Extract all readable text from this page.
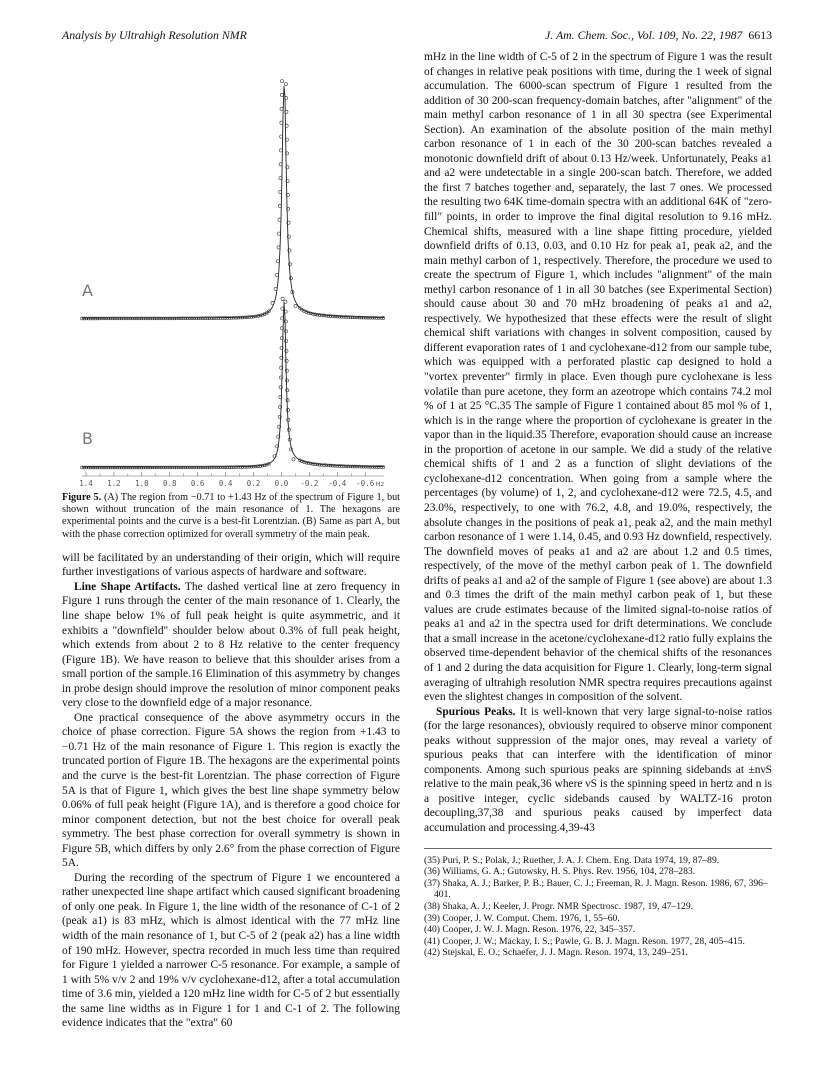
Analysis by Ultrahigh Resolution NMR	J. Am. Chem. Soc., Vol. 109, No. 22, 1987 6613
1.4 1.2 1.0 0.8 0.6 0.4 0.2 0.0 -0.2 -0.4 -0.6 Hz
A
B
Figure 5. (A) The region from −0.71 to +1.43 Hz of the spectrum of Figure 1, but shown without truncation of the main resonance of 1. The hexagons are experimental points and the curve is a best-fit Lorentzian. (B) Same as part A, but with the phase correction optimized for overall symmetry of the main peak.

will be facilitated by an understanding of their origin, which will require further investigations of various aspects of hardware and software.

Line Shape Artifacts. The dashed vertical line at zero frequency in Figure 1 runs through the center of the main resonance of 1. Clearly, the line shape below 1% of full peak height is quite asymmetric, and it exhibits a "downfield" shoulder below about 0.3% of full peak height, which extends from about 2 to 8 Hz relative to the center frequency (Figure 1B). We have reason to believe that this shoulder arises from a small portion of the sample.16 Elimination of this asymmetry by changes in probe design should improve the resolution of minor component peaks very close to the downfield edge of a major resonance.

One practical consequence of the above asymmetry occurs in the choice of phase correction. Figure 5A shows the region from +1.43 to −0.71 Hz of the main resonance of Figure 1. This region is exactly the truncated portion of Figure 1B. The hexagons are the experimental points and the curve is the best-fit Lorentzian. The phase correction of Figure 5A is that of Figure 1, which gives the best line shape symmetry below 0.06% of full peak height (Figure 1A), and is therefore a good choice for minor component detection, but not the best choice for overall peak symmetry. The best phase correction for overall symmetry is shown in Figure 5B, which differs by only 2.6° from the phase correction of Figure 5A.

During the recording of the spectrum of Figure 1 we encountered a rather unexpected line shape artifact which caused significant broadening of only one peak. In Figure 1, the line width of the resonance of C-1 of 2 (peak a1) is 83 mHz, which is almost identical with the 77 mHz line width of the main resonance of 1, but C-5 of 2 (peak a2) has a line width of 190 mHz. However, spectra recorded in much less time than required for Figure 1 yielded a narrower C-5 resonance. For example, a sample of 1 with 5% v/v 2 and 19% v/v cyclohexane-d12, after a total accumulation time of 3.6 min, yielded a 120 mHz line width for C-5 of 2 but essentially the same line widths as in Figure 1 for 1 and C-1 of 2. The following evidence indicates that the "extra" 60

mHz in the line width of C-5 of 2 in the spectrum of Figure 1 was the result of changes in relative peak positions with time, during the 1 week of signal accumulation. The 6000-scan spectrum of Figure 1 resulted from the addition of 30 200-scan frequency-domain batches, after "alignment" of the main methyl carbon resonance of 1 in all 30 spectra (see Experimental Section). An examination of the absolute position of the main methyl carbon resonance of 1 in each of the 30 200-scan batches revealed a monotonic downfield drift of about 0.13 Hz/week. Unfortunately, Peaks a1 and a2 were undetectable in a single 200-scan batch. Therefore, we added the first 7 batches together and, separately, the last 7 ones. We processed the resulting two 64K time-domain spectra with an additional 64K of "zero-fill" points, in order to improve the final digital resolution to 9.16 mHz. Chemical shifts, measured with a line shape fitting procedure, yielded downfield drifts of 0.13, 0.03, and 0.10 Hz for peak a1, peak a2, and the main methyl carbon of 1, respectively. Therefore, the procedure we used to create the spectrum of Figure 1, which includes "alignment" of the main methyl carbon resonance of 1 in all 30 batches (see Experimental Section) should cause about 30 and 70 mHz broadening of peaks a1 and a2, respectively. We hypothesized that these effects were the result of slight chemical shift variations with changes in solvent composition, caused by different evaporation rates of 1 and cyclohexane-d12 from our sample tube, which was equipped with a perforated plastic cap designed to hold a "vortex preventer" firmly in place. Even though pure cyclohexane is less volatile than pure acetone, they form an azeotrope which contains 74.2 mol % of 1 at 25 °C.35 The sample of Figure 1 contained about 85 mol % of 1, which is in the range where the proportion of cyclohexane is greater in the vapor than in the liquid.35 Therefore, evaporation should cause an increase in the proportion of acetone in our sample. We did a study of the relative chemical shifts of 1 and 2 as a function of slight deviations of the cyclohexane-d12 concentration. When going from a sample where the percentages (by volume) of 1, 2, and cyclohexane-d12 were 72.5, 4.5, and 23.0%, respectively, to one with 76.2, 4.8, and 19.0%, respectively, the absolute changes in the positions of peak a1, peak a2, and the main methyl carbon resonance of 1 were 1.14, 0.45, and 0.93 Hz downfield, respectively. The downfield moves of peaks a1 and a2 are about 1.2 and 0.5 times, respectively, of the move of the methyl carbon peak of 1. The downfield drifts of peaks a1 and a2 of the sample of Figure 1 (see above) are about 1.3 and 0.3 times the drift of the main methyl carbon peak of 1, but these values are crude estimates because of the limited signal-to-noise ratios of peaks a1 and a2 in the spectra used for drift determinations. We conclude that a small increase in the acetone/cyclohexane-d12 ratio fully explains the observed time-dependent behavior of the chemical shifts of the resonances of 1 and 2 during the data acquisition for Figure 1. Clearly, long-term signal averaging of ultrahigh resolution NMR spectra requires precautions against even the slightest changes in composition of the solvent.

Spurious Peaks. It is well-known that very large signal-to-noise ratios (for the large resonances), obviously required to observe minor component peaks without suppression of the major ones, may reveal a variety of spurious peaks that can interfere with the identification of minor components. Among such spurious peaks are spinning sidebands at ±nνS relative to the main peak,36 where νS is the spinning speed in hertz and n is a positive integer, cyclic sidebands caused by WALTZ-16 proton decoupling,37,38 and spurious peaks caused by imperfect data accumulation and processing.4,39-43

(35) Puri, P. S.; Polak, J.; Ruether, J. A. J. Chem. Eng. Data 1974, 19, 87–89.
(36) Williams, G. A.; Gutowsky, H. S. Phys. Rev. 1956, 104, 278–283.
(37) Shaka, A. J.; Barker, P. B.; Bauer, C. J.; Freeman, R. J. Magn. Reson. 1986, 67, 396–401.
(38) Shaka, A. J.; Keeler, J. Progr. NMR Spectrosc. 1987, 19, 47–129.
(39) Cooper, J. W. Comput. Chem. 1976, 1, 55–60.
(40) Cooper, J. W. J. Magn. Reson. 1976, 22, 345–357.
(41) Cooper, J. W.; Mackay, I. S.; Pawle, G. B. J. Magn. Reson. 1977, 28, 405–415.
(42) Stejskal, E. O.; Schaefer, J. J. Magn. Reson. 1974, 13, 249–251.
